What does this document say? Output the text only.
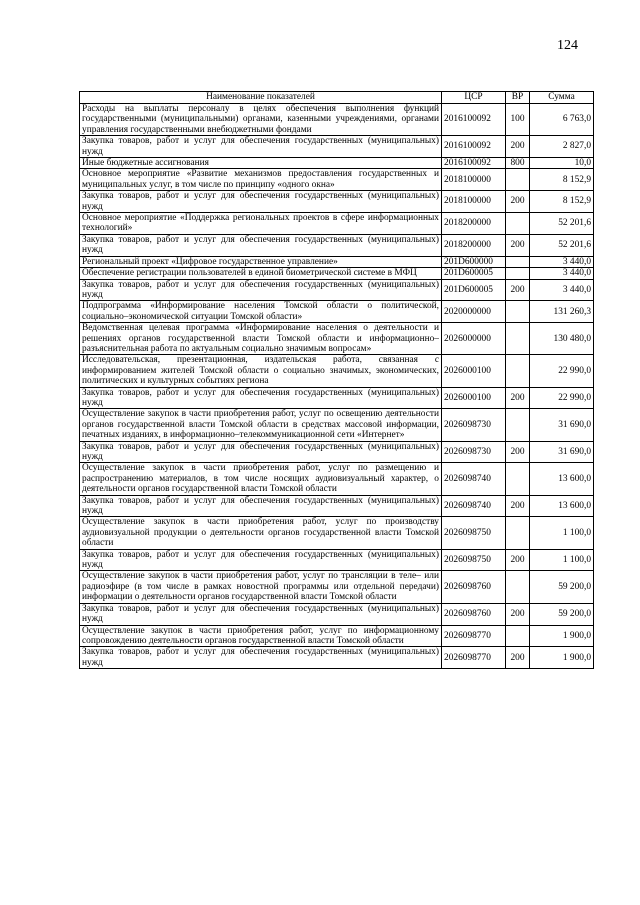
124
Наименование показателей	ЦСР	ВР	Сумма
Расходы на выплаты персоналу в целях обеспечения выполнения функций государственными (муниципальными) органами, казенными учреждениями, органами управления государственными внебюджетными фондами	2016100092	100	6 763,0
Закупка товаров, работ и услуг для обеспечения государственных (муниципальных) нужд	2016100092	200	2 827,0
Иные бюджетные ассигнования	2016100092	800	10,0
Основное мероприятие «Развитие механизмов предоставления государственных и муниципальных услуг, в том числе по принципу «одного окна»	2018100000		8 152,9
Закупка товаров, работ и услуг для обеспечения государственных (муниципальных) нужд	2018100000	200	8 152,9
Основное мероприятие «Поддержка региональных проектов в сфере информационных технологий»	2018200000		52 201,6
Закупка товаров, работ и услуг для обеспечения государственных (муниципальных) нужд	2018200000	200	52 201,6
Региональный проект «Цифровое государственное управление»	201D600000		3 440,0
Обеспечение регистрации пользователей в единой биометрической системе в МФЦ	201D600005		3 440,0
Закупка товаров, работ и услуг для обеспечения государственных (муниципальных) нужд	201D600005	200	3 440,0
Подпрограмма «Информирование населения Томской области о политической, социально–экономической ситуации Томской области»	2020000000		131 260,3
Ведомственная целевая программа «Информирование населения о деятельности и решениях органов государственной власти Томской области и информационно–разъяснительная работа по актуальным социально значимым вопросам»	2026000000		130 480,0
Исследовательская, презентационная, издательская работа, связанная с информированием жителей Томской области о социально значимых, экономических, политических и культурных событиях региона	2026000100		22 990,0
Закупка товаров, работ и услуг для обеспечения государственных (муниципальных) нужд	2026000100	200	22 990,0
Осуществление закупок в части приобретения работ, услуг по освещению деятельности органов государственной власти Томской области в средствах массовой информации, печатных изданиях, в информационно–телекоммуникационной сети «Интернет»	2026098730		31 690,0
Закупка товаров, работ и услуг для обеспечения государственных (муниципальных) нужд	2026098730	200	31 690,0
Осуществление закупок в части приобретения работ, услуг по размещению и распространению материалов, в том числе носящих аудиовизуальный характер, о деятельности органов государственной власти Томской области	2026098740		13 600,0
Закупка товаров, работ и услуг для обеспечения государственных (муниципальных) нужд	2026098740	200	13 600,0
Осуществление закупок в части приобретения работ, услуг по производству аудиовизуальной продукции о деятельности органов государственной власти Томской области	2026098750		1 100,0
Закупка товаров, работ и услуг для обеспечения государственных (муниципальных) нужд	2026098750	200	1 100,0
Осуществление закупок в части приобретения работ, услуг по трансляции в теле– или радиоэфире (в том числе в рамках новостной программы или отдельной передачи) информации о деятельности органов государственной власти Томской области	2026098760		59 200,0
Закупка товаров, работ и услуг для обеспечения государственных (муниципальных) нужд	2026098760	200	59 200,0
Осуществление закупок в части приобретения работ, услуг по информационному сопровождению деятельности органов государственной власти Томской области	2026098770		1 900,0
Закупка товаров, работ и услуг для обеспечения государственных (муниципальных) нужд	2026098770	200	1 900,0
